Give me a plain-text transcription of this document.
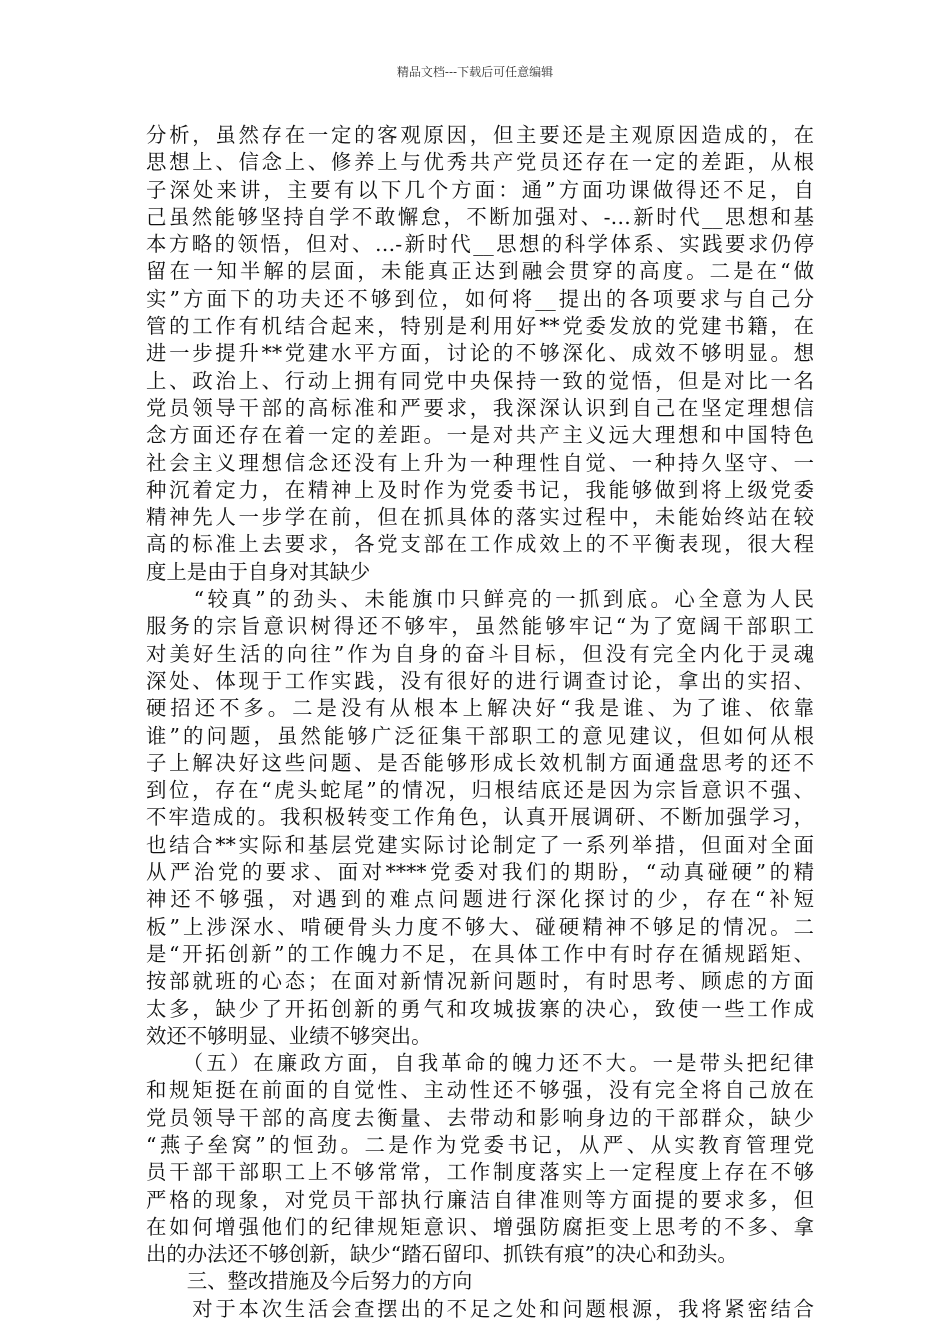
精品文档---下载后可任意编辑
分析，虽然存在一定的客观原因，但主要还是主观原因造成的，在
思想上、信念上、修养上与优秀共产党员还存在一定的差距，从根
子深处来讲，主要有以下几个方面：通”方面功课做得还不足，自
己虽然能够坚持自学不敢懈怠，不断加强对、-…新时代__思想和基
本方略的领悟，但对、…-新时代__思想的科学体系、实践要求仍停
留在一知半解的层面，未能真正达到融会贯穿的高度。二是在“做
实”方面下的功夫还不够到位，如何将__提出的各项要求与自己分
管的工作有机结合起来，特别是利用好**党委发放的党建书籍，在
进一步提升**党建水平方面，讨论的不够深化、成效不够明显。想
上、政治上、行动上拥有同党中央保持一致的觉悟，但是对比一名
党员领导干部的高标准和严要求，我深深认识到自己在坚定理想信
念方面还存在着一定的差距。一是对共产主义远大理想和中国特色
社会主义理想信念还没有上升为一种理性自觉、一种持久坚守、一
种沉着定力，在精神上及时作为党委书记，我能够做到将上级党委
精神先人一步学在前，但在抓具体的落实过程中，未能始终站在较
高的标准上去要求，各党支部在工作成效上的不平衡表现，很大程
度上是由于自身对其缺少
　　“较真”的劲头、未能旗巾只鲜亮的一抓到底。心全意为人民
服务的宗旨意识树得还不够牢，虽然能够牢记“为了宽阔干部职工
对美好生活的向往”作为自身的奋斗目标，但没有完全内化于灵魂
深处、体现于工作实践，没有很好的进行调查讨论，拿出的实招、
硬招还不多。二是没有从根本上解决好“我是谁、为了谁、依靠
谁”的问题，虽然能够广泛征集干部职工的意见建议，但如何从根
子上解决好这些问题、是否能够形成长效机制方面通盘思考的还不
到位，存在“虎头蛇尾”的情况，归根结底还是因为宗旨意识不强、
不牢造成的。我积极转变工作角色，认真开展调研、不断加强学习，
也结合**实际和基层党建实际讨论制定了一系列举措，但面对全面
从严治党的要求、面对****党委对我们的期盼，“动真碰硬”的精
神还不够强，对遇到的难点问题进行深化探讨的少，存在“补短
板”上涉深水、啃硬骨头力度不够大、碰硬精神不够足的情况。二
是“开拓创新”的工作魄力不足，在具体工作中有时存在循规蹈矩、
按部就班的心态；在面对新情况新问题时，有时思考、顾虑的方面
太多，缺少了开拓创新的勇气和攻城拔寨的决心，致使一些工作成
效还不够明显、业绩不够突出。
　　（五）在廉政方面，自我革命的魄力还不大。一是带头把纪律
和规矩挺在前面的自觉性、主动性还不够强，没有完全将自己放在
党员领导干部的高度去衡量、去带动和影响身边的干部群众，缺少
“燕子垒窝”的恒劲。二是作为党委书记，从严、从实教育管理党
员干部干部职工上不够常常，工作制度落实上一定程度上存在不够
严格的现象，对党员干部执行廉洁自律准则等方面提的要求多，但
在如何增强他们的纪律规矩意识、增强防腐拒变上思考的不多、拿
出的办法还不够创新，缺少“踏石留印、抓铁有痕”的决心和劲头。
　　三、整改措施及今后努力的方向
　　对于本次生活会查摆出的不足之处和问题根源，我将紧密结合
